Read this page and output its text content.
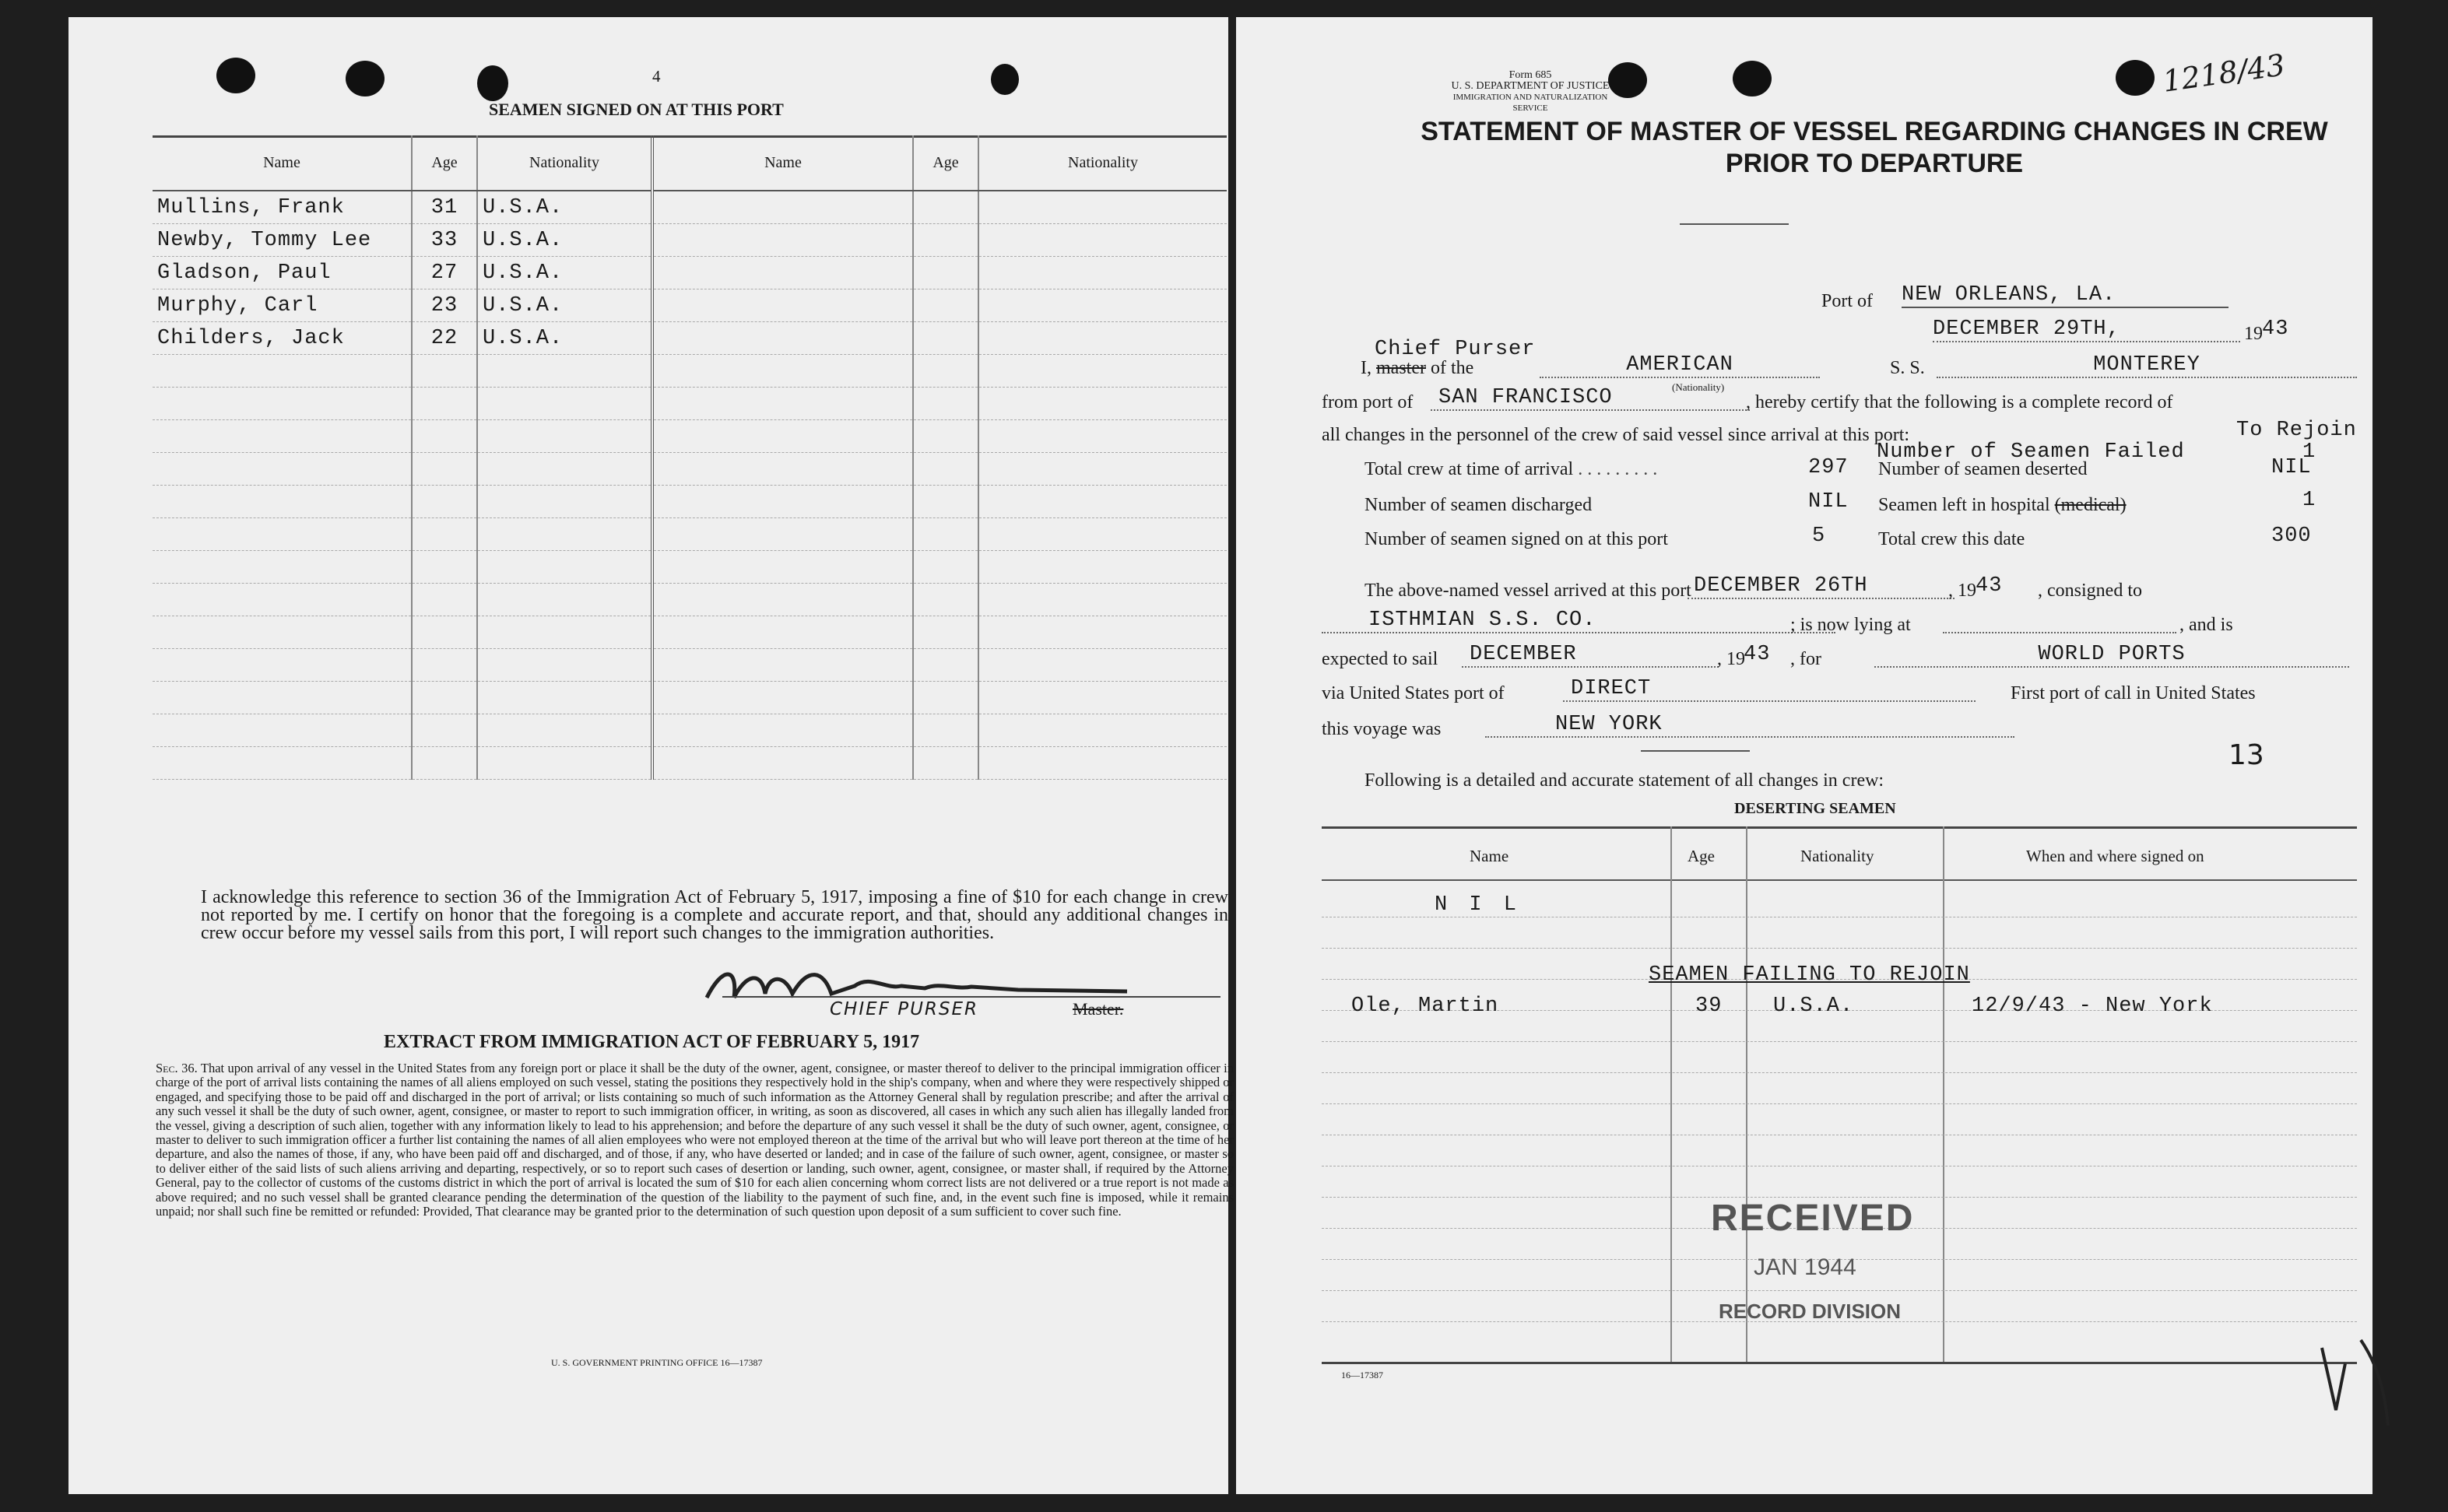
4
SEAMEN SIGNED ON AT THIS PORT
Name	Age	Nationality	Name	Age	Nationality
Mullins, Frank	31	U.S.A.			
Newby, Tommy Lee	33	U.S.A.			
Gladson, Paul	27	U.S.A.			
Murphy, Carl	23	U.S.A.			
Childers, Jack	22	U.S.A.			

I acknowledge this reference to section 36 of the Immigration Act of February 5, 1917, imposing a fine of $10 for each change in crew not reported by me. I certify on honor that the foregoing is a complete and accurate report, and that, should any additional changes in crew occur before my vessel sails from this port, I will report such changes to the immigration authorities.
CHIEF PURSER	Master.
EXTRACT FROM IMMIGRATION ACT OF FEBRUARY 5, 1917
Sec. 36. That upon arrival of any vessel in the United States from any foreign port or place it shall be the duty of the owner, agent, consignee, or master thereof to deliver to the principal immigration officer in charge of the port of arrival lists containing the names of all aliens employed on such vessel, stating the positions they respectively hold in the ship's company, when and where they were respectively shipped or engaged, and specifying those to be paid off and discharged in the port of arrival; or lists containing so much of such information as the Attorney General shall by regulation prescribe; and after the arrival of any such vessel it shall be the duty of such owner, agent, consignee, or master to report to such immigration officer, in writing, as soon as discovered, all cases in which any such alien has illegally landed from the vessel, giving a description of such alien, together with any information likely to lead to his apprehension; and before the departure of any such vessel it shall be the duty of such owner, agent, consignee, or master to deliver to such immigration officer a further list containing the names of all alien employees who were not employed thereon at the time of the arrival but who will leave port thereon at the time of her departure, and also the names of those, if any, who have been paid off and discharged, and of those, if any, who have deserted or landed; and in case of the failure of such owner, agent, consignee, or master so to deliver either of the said lists of such aliens arriving and departing, respectively, or so to report such cases of desertion or landing, such owner, agent, consignee, or master shall, if required by the Attorney General, pay to the collector of customs of the customs district in which the port of arrival is located the sum of $10 for each alien concerning whom correct lists are not delivered or a true report is not made as above required; and no such vessel shall be granted clearance pending the determination of the question of the liability to the payment of such fine, and, in the event such fine is imposed, while it remains unpaid; nor shall such fine be remitted or refunded: Provided, That clearance may be granted prior to the determination of such question upon deposit of a sum sufficient to cover such fine.
U. S. GOVERNMENT PRINTING OFFICE 16—17387
Form 685
U. S. DEPARTMENT OF JUSTICE
IMMIGRATION AND NATURALIZATION SERVICE
1218/43
STATEMENT OF MASTER OF VESSEL REGARDING CHANGES IN CREW
PRIOR TO DEPARTURE
Port of NEW ORLEANS, LA.
DECEMBER 29TH,	19 43
Chief Purser
I, master of the	AMERICAN
(Nationality)
S. S.	MONTEREY
from port of	SAN FRANCISCO	, hereby certify that the following is a complete record of
all changes in the personnel of the crew of said vessel since arrival at this port:	To Rejoin
Number of Seamen Failed	1
Total crew at time of arrival . . . . . . . . .	297 Number of seamen deserted	NIL
Number of seamen discharged	NIL Seamen left in hospital (medical)	1
Number of seamen signed on at this port	5	Total crew this date	300
The above-named vessel arrived at this port DECEMBER 26TH	, 19 43 , consigned to
ISTHMIAN S.S. CO.	; is now lying at	, and is
expected to sail	DECEMBER	, 19
43 , for	WORLD PORTS
via United States port of	DIRECT	First port of call in United States
this voyage was	NEW YORK
13
Following is a detailed and accurate statement of all changes in crew:
DESERTING SEAMEN
Name	Age	Nationality	When and where signed on
N I L
SEAMEN FAILING TO REJOIN
Ole, Martin	39 U.S.A.	12/9/43 - New York
RECEIVED
JAN 1944
RECORD DIVISION
16—17387
